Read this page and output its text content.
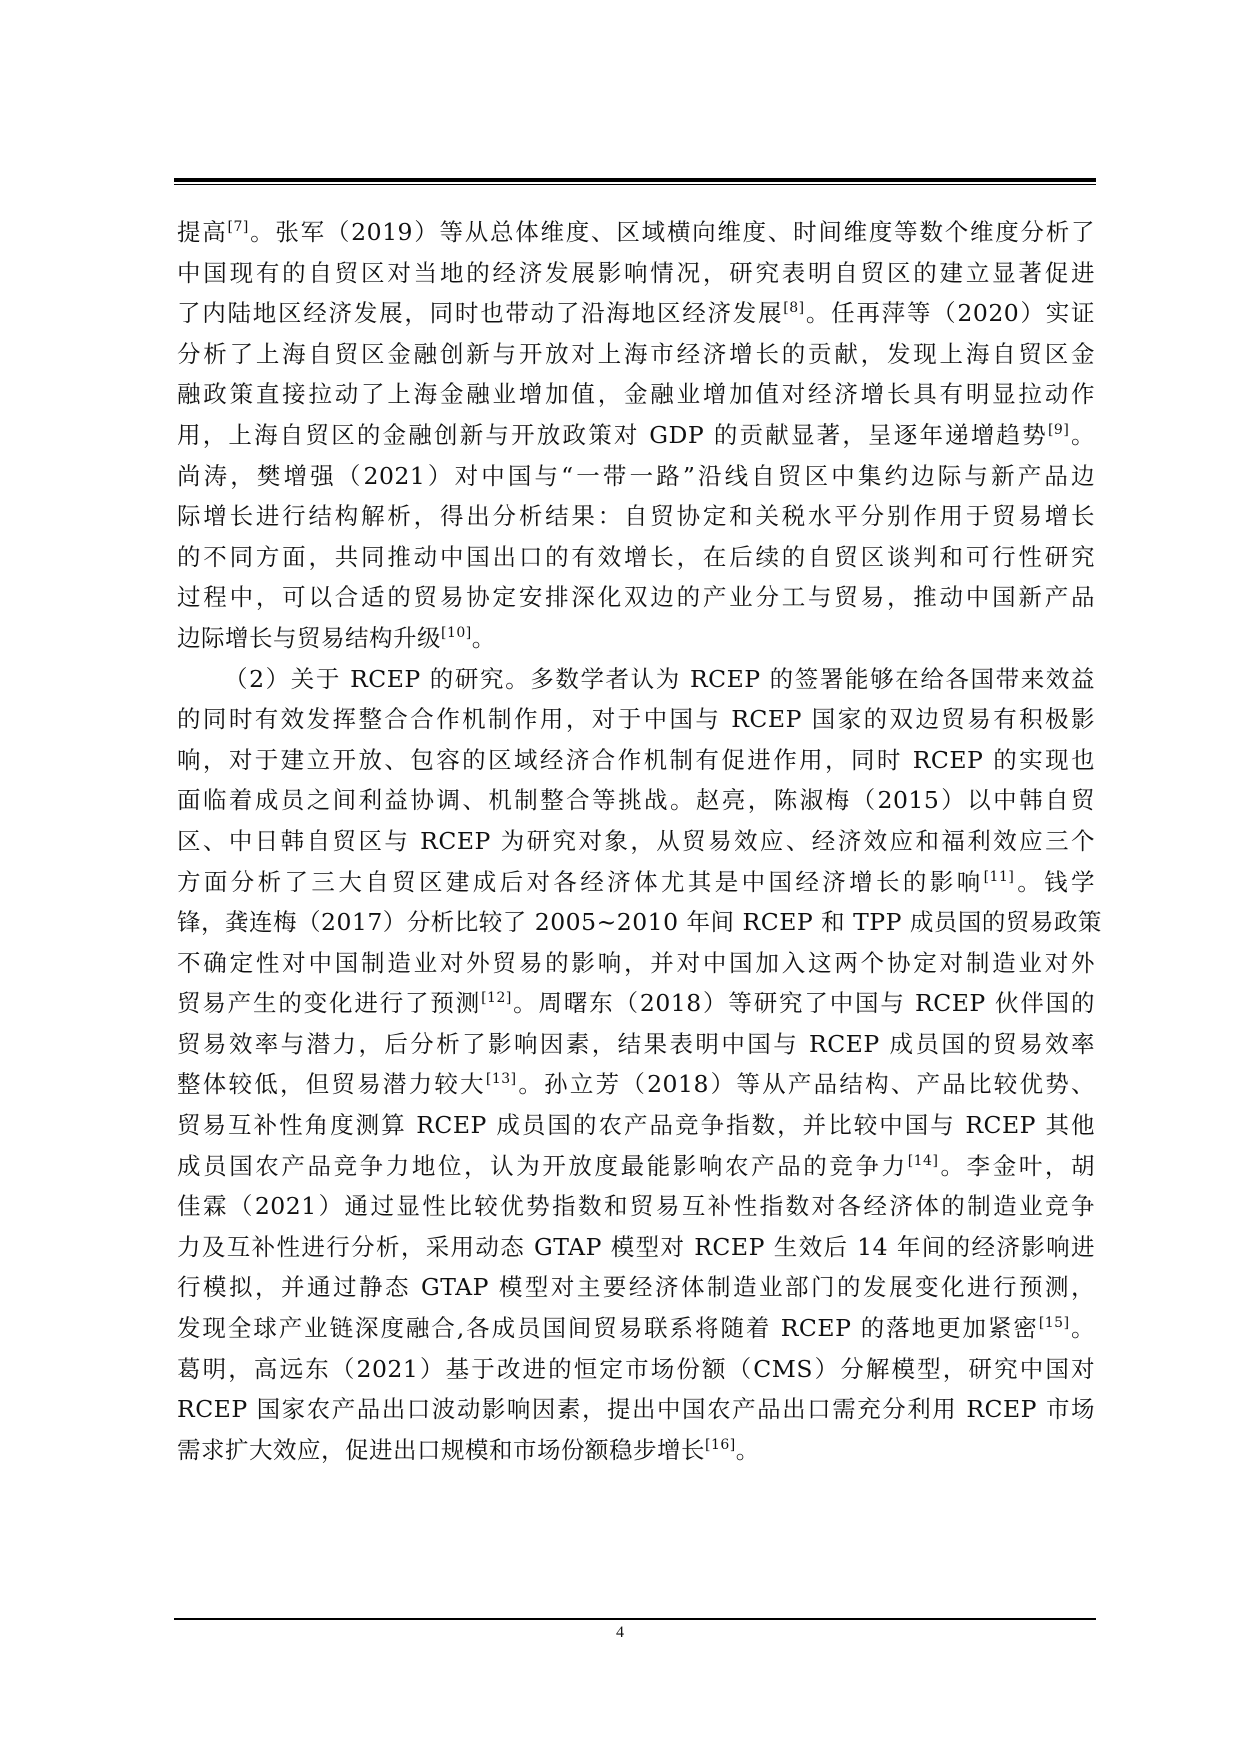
提高[7]。张军（2019）等从总体维度、区域横向维度、时间维度等数个维度分析了
中国现有的自贸区对当地的经济发展影响情况，研究表明自贸区的建立显著促进
了内陆地区经济发展，同时也带动了沿海地区经济发展[8]。任再萍等（2020）实证
分析了上海自贸区金融创新与开放对上海市经济增长的贡献，发现上海自贸区金
融政策直接拉动了上海金融业增加值，金融业增加值对经济增长具有明显拉动作
用，上海自贸区的金融创新与开放政策对 GDP 的贡献显著，呈逐年递增趋势[9]。
尚涛，樊增强（2021）对中国与“一带一路”沿线自贸区中集约边际与新产品边
际增长进行结构解析，得出分析结果：自贸协定和关税水平分别作用于贸易增长
的不同方面，共同推动中国出口的有效增长，在后续的自贸区谈判和可行性研究
过程中，可以合适的贸易协定安排深化双边的产业分工与贸易，推动中国新产品
边际增长与贸易结构升级[10]。
（2）关于 RCEP 的研究。多数学者认为 RCEP 的签署能够在给各国带来效益
的同时有效发挥整合合作机制作用，对于中国与 RCEP 国家的双边贸易有积极影
响，对于建立开放、包容的区域经济合作机制有促进作用，同时 RCEP 的实现也
面临着成员之间利益协调、机制整合等挑战。赵亮，陈淑梅（2015）以中韩自贸
区、中日韩自贸区与 RCEP 为研究对象，从贸易效应、经济效应和福利效应三个
方面分析了三大自贸区建成后对各经济体尤其是中国经济增长的影响[11]。钱学
锋，龚连梅（2017）分析比较了 2005~2010 年间 RCEP 和 TPP 成员国的贸易政策
不确定性对中国制造业对外贸易的影响，并对中国加入这两个协定对制造业对外
贸易产生的变化进行了预测[12]。周曙东（2018）等研究了中国与 RCEP 伙伴国的
贸易效率与潜力，后分析了影响因素，结果表明中国与 RCEP 成员国的贸易效率
整体较低，但贸易潜力较大[13]。孙立芳（2018）等从产品结构、产品比较优势、
贸易互补性角度测算 RCEP 成员国的农产品竞争指数，并比较中国与 RCEP 其他
成员国农产品竞争力地位，认为开放度最能影响农产品的竞争力[14]。李金叶，胡
佳霖（2021）通过显性比较优势指数和贸易互补性指数对各经济体的制造业竞争
力及互补性进行分析，采用动态 GTAP 模型对 RCEP 生效后 14 年间的经济影响进
行模拟，并通过静态 GTAP 模型对主要经济体制造业部门的发展变化进行预测，
发现全球产业链深度融合,各成员国间贸易联系将随着 RCEP 的落地更加紧密[15]。
葛明，高远东（2021）基于改进的恒定市场份额（CMS）分解模型，研究中国对
RCEP 国家农产品出口波动影响因素，提出中国农产品出口需充分利用 RCEP 市场
需求扩大效应，促进出口规模和市场份额稳步增长[16]。
4
